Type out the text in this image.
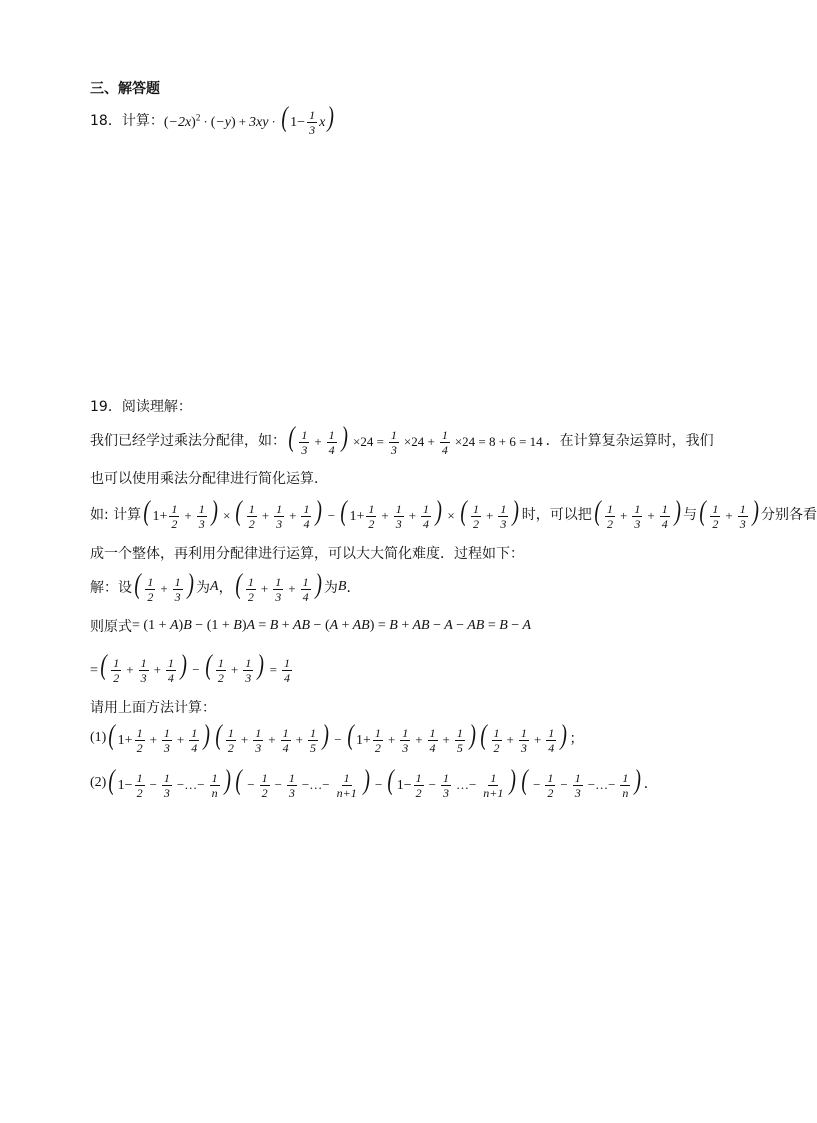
三、解答题
18．计算： $(-2x)^2 \cdot (-y) + 3xy$ · ( $1- \frac{1}{3} x$)
19．阅读理解：
我们已经学过乘法分配律，如： ( $\frac{1}{3} + \frac{1}{4}$ ) $\times 24 = \frac{1}{3} \times 24 + \frac{1}{4} \times 24 = 8 + 6 = 14$ ．在计算复杂运算时，我们
也可以使用乘法分配律进行简化运算．
如: 计算 ( $1+ \frac{1}{2} + \frac{1}{3}$ ) × ( $\frac{1}{2} + \frac{1}{3} + \frac{1}{4}$ ) − ( $1+ \frac{1}{2} + \frac{1}{3} + \frac{1}{4}$ ) × ( $\frac{1}{2} + \frac{1}{3}$ ) 时，可以把 ( $\frac{1}{2} + \frac{1}{3} + \frac{1}{4}$ ) 与 ( $\frac{1}{2} + \frac{1}{3}$ ) 分别各看
成一个整体，再利用分配律进行运算，可以大大简化难度．过程如下：
解：设 ( $\frac{1}{2} + \frac{1}{3}$ ) 为 A ， ( $\frac{1}{2} + \frac{1}{3} + \frac{1}{4}$ ) 为 B ．
则原式 = (1 + A)B − (1 + B)A = B + AB − (A + AB) = B + AB − A − AB = B − A
=( $\frac{1}{2} + \frac{1}{3} + \frac{1}{4}$ ) − ( $\frac{1}{2} + \frac{1}{3}$ ) = $\frac{1}{4}$
请用上面方法计算：
(1) ( $1+ \frac{1}{2} + \frac{1}{3} + \frac{1}{4}$ ) ( $\frac{1}{2} + \frac{1}{3} + \frac{1}{4} + \frac{1}{5}$ ) − ( $1+ \frac{1}{2} + \frac{1}{3} + \frac{1}{4} + \frac{1}{5}$ ) ( $\frac{1}{2} + \frac{1}{3} + \frac{1}{4}$ ) ；
(2) ( $1- \frac{1}{2} - \frac{1}{3}$ −…− $\frac{1}{n}$ ) ( − $\frac{1}{2} - \frac{1}{3}$ −…− $\frac{1}{n+1}$ ) − ( $1- \frac{1}{2} - \frac{1}{3}$ …− $\frac{1}{n+1}$ ) ( − $\frac{1}{2} - \frac{1}{3}$ −…− $\frac{1}{n}$ ) ．
